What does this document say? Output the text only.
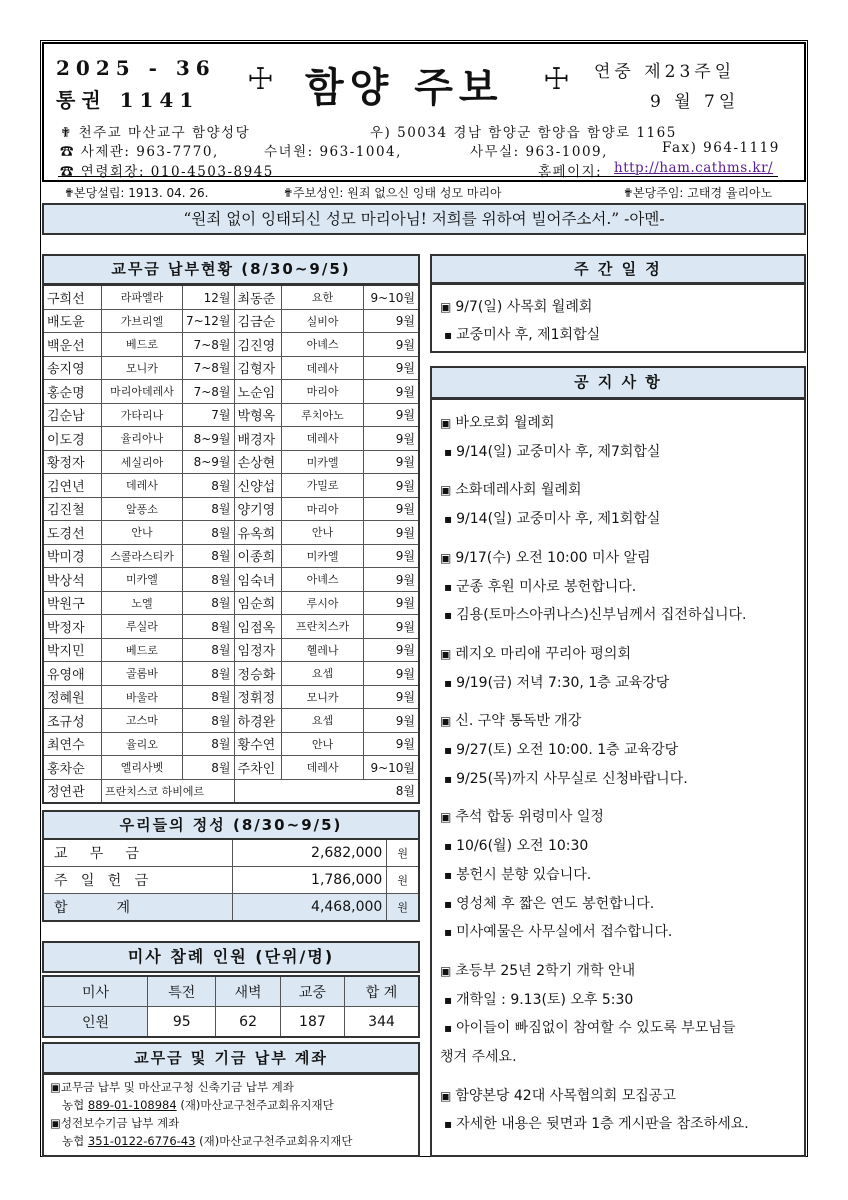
2025 - 36
통권 1141
☩ 함양 주보 ☩ 연중 제23주일
9 월 7일
✟ 천주교 마산교구 함양성당	우) 50034 경남 함양군 함양읍 함양로 1165
☎ 사제관: 963-7770,	수녀원: 963-1004,	사무실: 963-1009,	Fax) 964-1119
☎ 연령회장: 010-4503-8945	홈페이지: http://ham.cathms.kr/
✟본당설립: 1913. 04. 26.	✟주보성인: 원죄 없으신 잉태 성모 마리아	✟본당주임: 고태경 율리아노
“원죄 없이 잉태되신 성모 마리아님! 저희를 위하여 빌어주소서.” -아멘-
교무금 납부현황 (8/30~9/5)
구희선	라파엘라	12월	최동준	요한	9~10월
배도윤	가브리엘	7~12월	김금순	실비아	9월
백운선	베드로	7~8월	김진영	아녜스	9월
송지영	모니카	7~8월	김형자	데레사	9월
홍순명	마리아데레사	7~8월	노순임	마리아	9월
김순남	가타리나	7월	박형옥	루치아노	9월
이도경	율리아나	8~9월	배경자	데레사	9월
황정자	세실리아	8~9월	손상현	미카엘	9월
김연년	데레사	8월	신양섭	가밀로	9월
김진철	알퐁소	8월	양기영	마리아	9월
도경선	안나	8월	유옥희	안나	9월
박미경	스콜라스티카	8월	이종희	미카엘	9월
박상석	미카엘	8월	임숙녀	아녜스	9월
박원구	노엘	8월	임순희	루시아	9월
박정자	루실라	8월	임점옥	프란치스카	9월
박지민	베드로	8월	임정자	헬레나	9월
유영애	골롬바	8월	정승화	요셉	9월
정혜원	바울라	8월	정휘정	모니카	9월
조규성	고스마	8월	하경완	요셉	9월
최연수	율리오	8월	황수연	안나	9월
홍차순	엘리사벳	8월	주차인	데레사	9~10월
정연관	프란치스코 하비에르		8월		
우리들의 정성 (8/30~9/5)
교     무     금	2,682,000	원
주   일   헌   금	1,786,000	원
합           계	4,468,000	원
미사 참례 인원 (단위/명)
미사	특전	새벽	교중	합 계
인원	95	62	187	344
교무금 및 기금 납부 계좌
▣교무금 납부 및 마산교구청 신축기금 납부 계좌
농협 889-01-108984 (재)마산교구천주교회유지재단
▣성전보수기금 납부 계좌
농협 351-0122-6776-43 (재)마산교구천주교회유지재단
주 간 일 정
▣ 9/7(일) 사목회 월례회
▪ 교중미사 후, 제1회합실
공 지 사 항
▣ 바오로회 월례회
▪ 9/14(일) 교중미사 후, 제7회합실
▣ 소화데레사회 월례회
▪ 9/14(일) 교중미사 후, 제1회합실
▣ 9/17(수) 오전 10:00 미사 알림
▪ 군종 후원 미사로 봉헌합니다.
▪ 김용(토마스아퀴나스)신부님께서 집전하십니다.
▣ 레지오 마리애 꾸리아 평의회
▪ 9/19(금) 저녁 7:30, 1층 교육강당
▣ 신. 구약 통독반 개강
▪ 9/27(토) 오전 10:00. 1층 교육강당
▪ 9/25(목)까지 사무실로 신청바랍니다.
▣ 추석 합동 위령미사 일정
▪ 10/6(월) 오전 10:30
▪ 봉헌시 분향 있습니다.
▪ 영성체 후 짧은 연도 봉헌합니다.
▪ 미사예물은 사무실에서 접수합니다.
▣ 초등부 25년 2학기 개학 안내
▪ 개학일 : 9.13(토) 오후 5:30
▪ 아이들이 빠짐없이 참여할 수 있도록 부모님들
챙겨 주세요.
▣ 함양본당 42대 사목협의회 모집공고
▪ 자세한 내용은 뒷면과 1층 게시판을 참조하세요.
